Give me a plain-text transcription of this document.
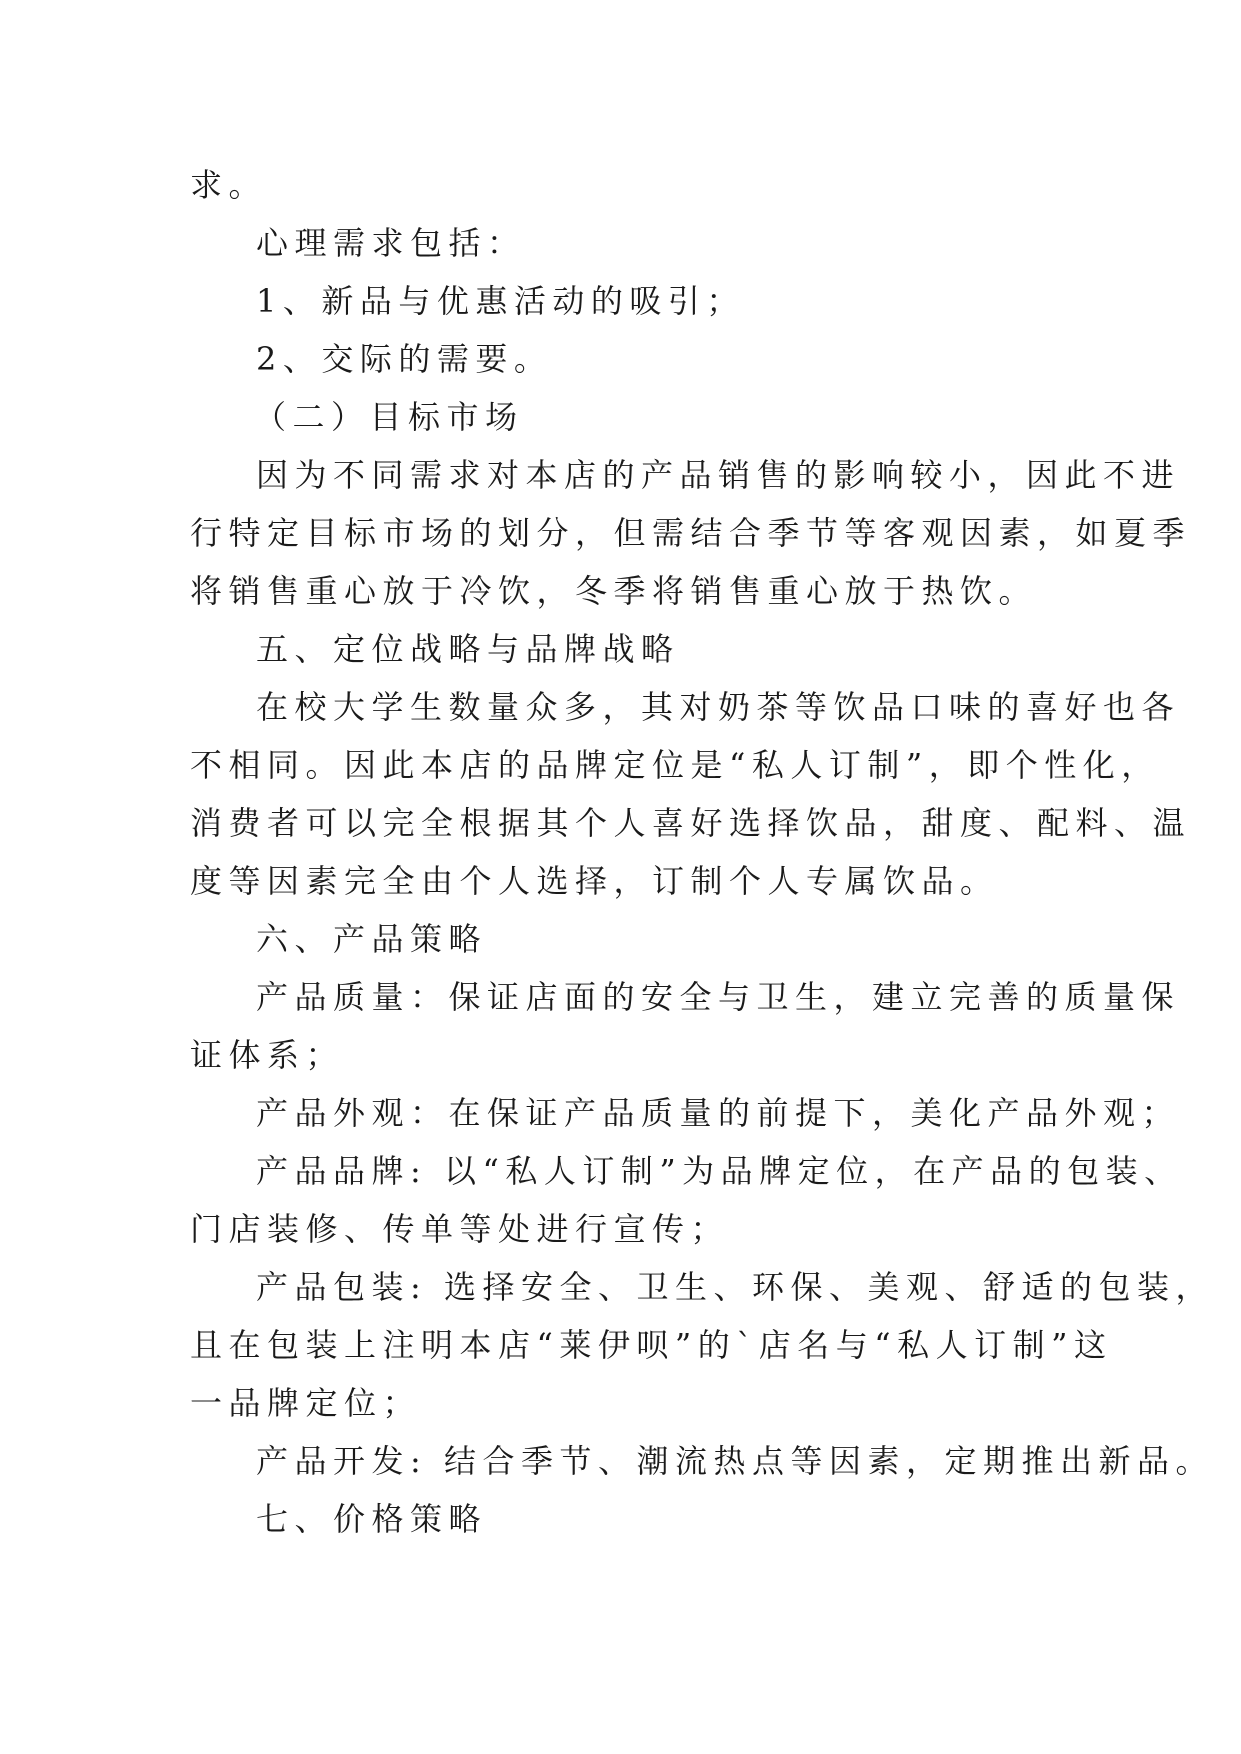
求。

心理需求包括：

1、新品与优惠活动的吸引；

2、交际的需要。

（二）目标市场

因为不同需求对本店的产品销售的影响较小，因此不进

行特定目标市场的划分，但需结合季节等客观因素，如夏季

将销售重心放于冷饮，冬季将销售重心放于热饮。

五、定位战略与品牌战略

在校大学生数量众多，其对奶茶等饮品口味的喜好也各

不相同。因此本店的品牌定位是“私人订制”，即个性化，

消费者可以完全根据其个人喜好选择饮品，甜度、配料、温

度等因素完全由个人选择，订制个人专属饮品。

六、产品策略

产品质量：保证店面的安全与卫生，建立完善的质量保

证体系；

产品外观：在保证产品质量的前提下，美化产品外观；

产品品牌: 以“私人订制”为品牌定位，在产品的包装、

门店装修、传单等处进行宣传；

产品包装: 选择安全、卫生、环保、美观、舒适的包装，

且在包装上注明本店“莱伊呗”的`店名与“私人订制”这

一品牌定位；

产品开发: 结合季节、潮流热点等因素，定期推出新品。

七、价格策略
